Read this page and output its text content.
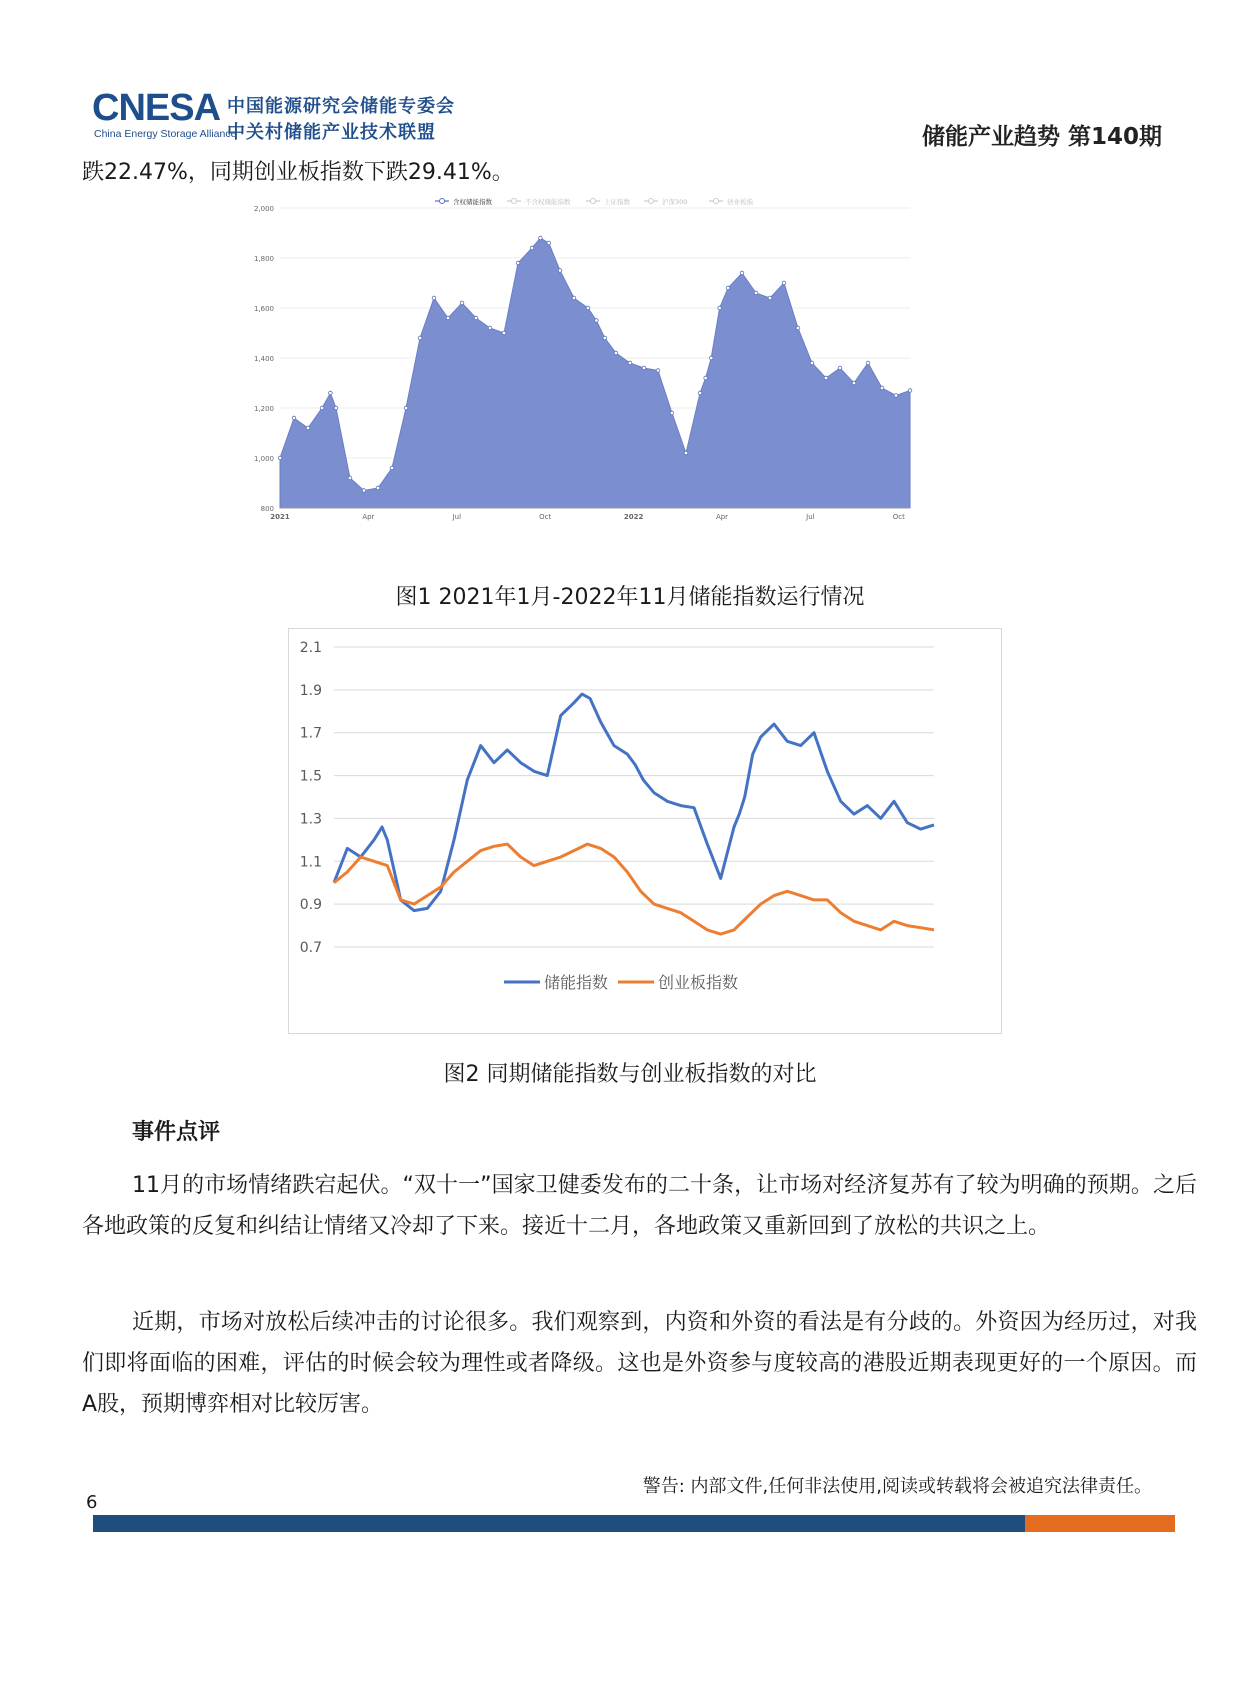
CNESA
China Energy Storage Alliance
中国能源研究会储能专委会
中关村储能产业技术联盟	储能产业趋势 第140期
跌22.47%，同期创业板指数下跌29.41%。
含权储能指数	不含权储能指数	上证指数	沪深300	创业板指
800
1,000
1,200
1,400
1,600
1,800
2,000
2021	Apr	Jul	Oct	2022	Apr	Jul	Oct
图1 2021年1月-2022年11月储能指数运行情况
0.7
0.9
1.1
1.3
1.5
1.7
1.9
2.1
储能指数	创业板指数
图2 同期储能指数与创业板指数的对比
事件点评

11月的市场情绪跌宕起伏。“双十一”国家卫健委发布的二十条，让市场对经济复苏有了较为明确的预期。之后各地政策的反复和纠结让情绪又冷却了下来。接近十二月，各地政策又重新回到了放松的共识之上。

近期，市场对放松后续冲击的讨论很多。我们观察到，内资和外资的看法是有分歧的。外资因为经历过，对我们即将面临的困难，评估的时候会较为理性或者降级。这也是外资参与度较高的港股近期表现更好的一个原因。而A股，预期博弈相对比较厉害。

警告: 内部文件,任何非法使用,阅读或转载将会被追究法律责任。
6
